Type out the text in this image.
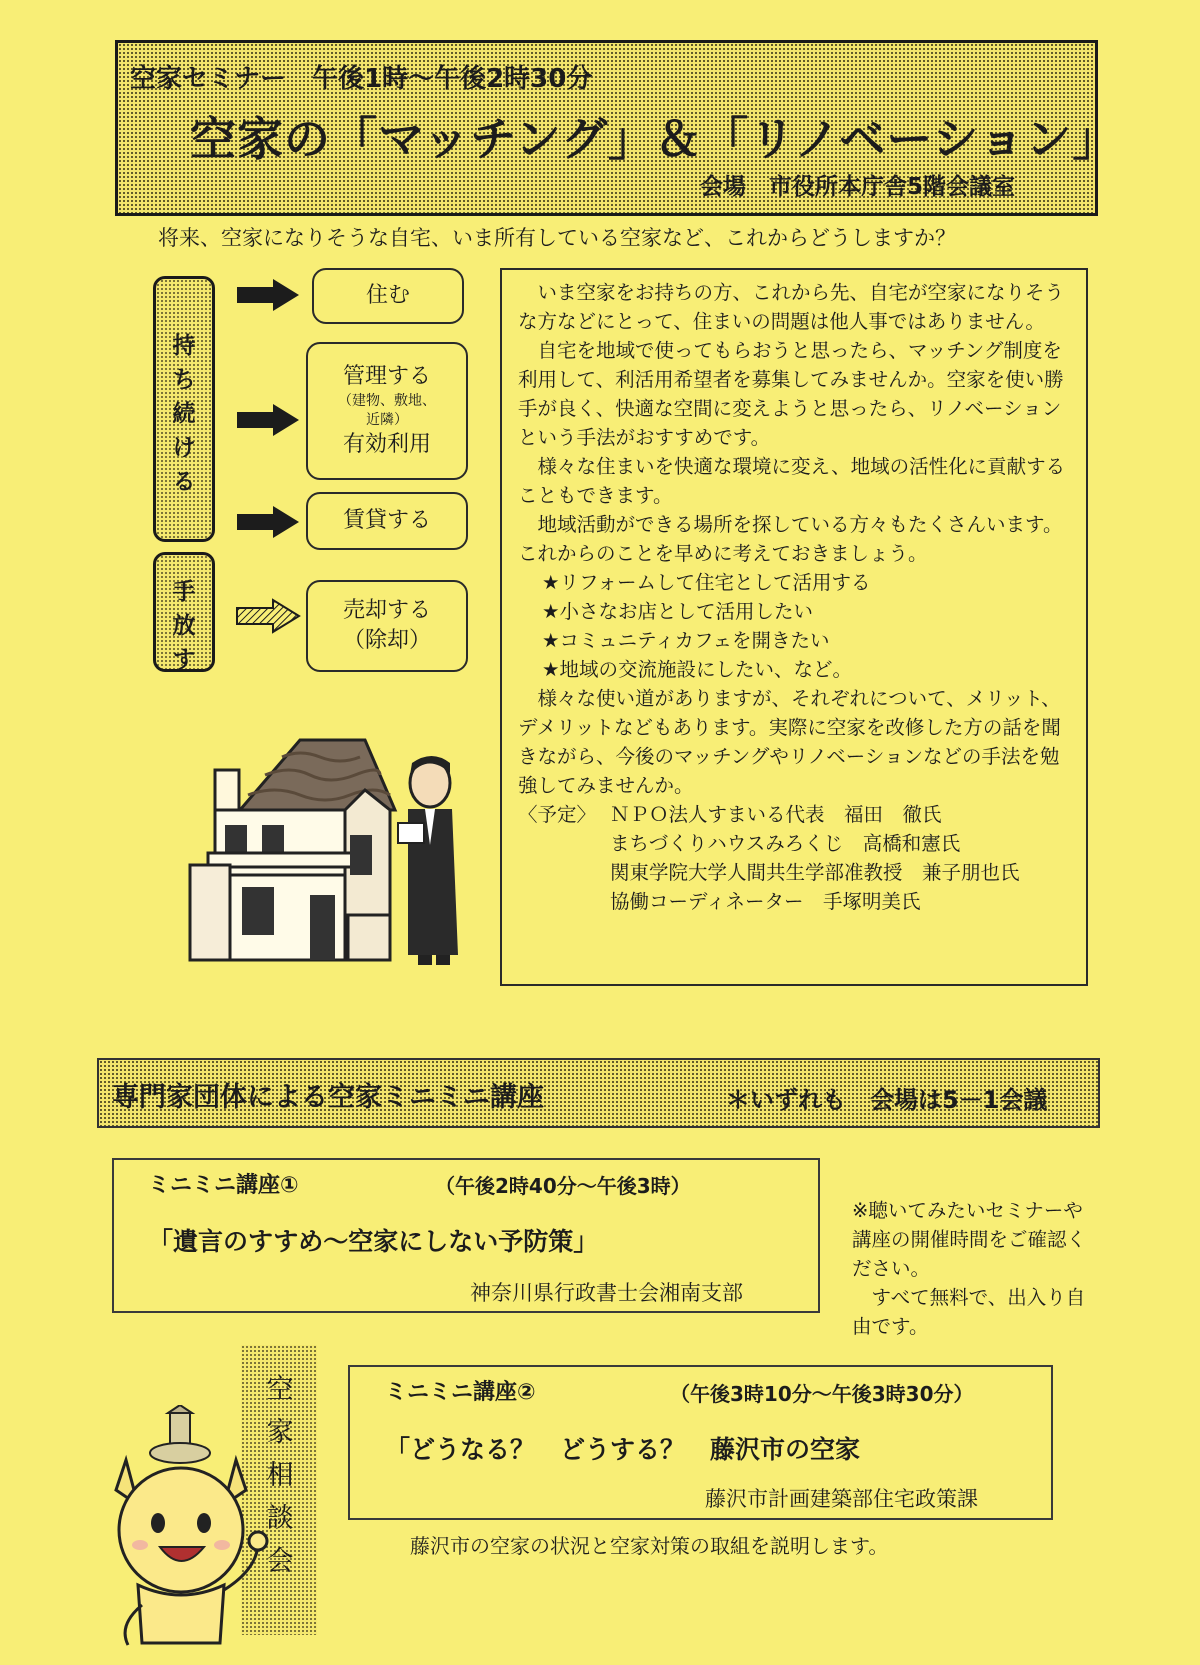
空家セミナー　午後1時～午後2時30分
空家の「マッチング」＆「リノベーション」
会場　市役所本庁舎5階会議室
将来、空家になりそうな自宅、いま所有している空家など、これからどうしますか？
持ち続ける
手放す
住む
管理する
（建物、敷地、近隣）
有効利用
賃貸する
売却する
（除却）

いま空家をお持ちの方、これから先、自宅が空家になりそうな方などにとって、住まいの問題は他人事ではありません。

自宅を地域で使ってもらおうと思ったら、マッチング制度を利用して、利活用希望者を募集してみませんか。空家を使い勝手が良く、快適な空間に変えようと思ったら、リノベーションという手法がおすすめです。

様々な住まいを快適な環境に変え、地域の活性化に貢献することもできます。

地域活動ができる場所を探している方々もたくさんいます。これからのことを早めに考えておきましょう。

★リフォームして住宅として活用する

★小さなお店として活用したい

★コミュニティカフェを開きたい

★地域の交流施設にしたい、など。

様々な使い道がありますが、それぞれについて、メリット、デメリットなどもあります。実際に空家を改修した方の話を聞きながら、今後のマッチングやリノベーションなどの手法を勉強してみませんか。

〈予定〉 ＮＰＯ法人すまいる代表　福田　徹氏
まちづくりハウスみろくじ　高橋和憲氏
関東学院大学人間共生学部准教授　兼子朋也氏
協働コーディネーター　手塚明美氏
専門家団体による空家ミニミニ講座	＊いずれも　会場は5－1会議
ミニミニ講座①	（午後2時40分～午後3時）
「遺言のすすめ～空家にしない予防策」
神奈川県行政書士会湘南支部

※聴いてみたいセミナーや講座の開催時間をご確認ください。

すべて無料で、出入り自由です。

空家相談会
ミニミニ講座②	（午後3時10分～午後3時30分）
「どうなる？　どうする？　藤沢市の空家
藤沢市計画建築部住宅政策課
藤沢市の空家の状況と空家対策の取組を説明します。
